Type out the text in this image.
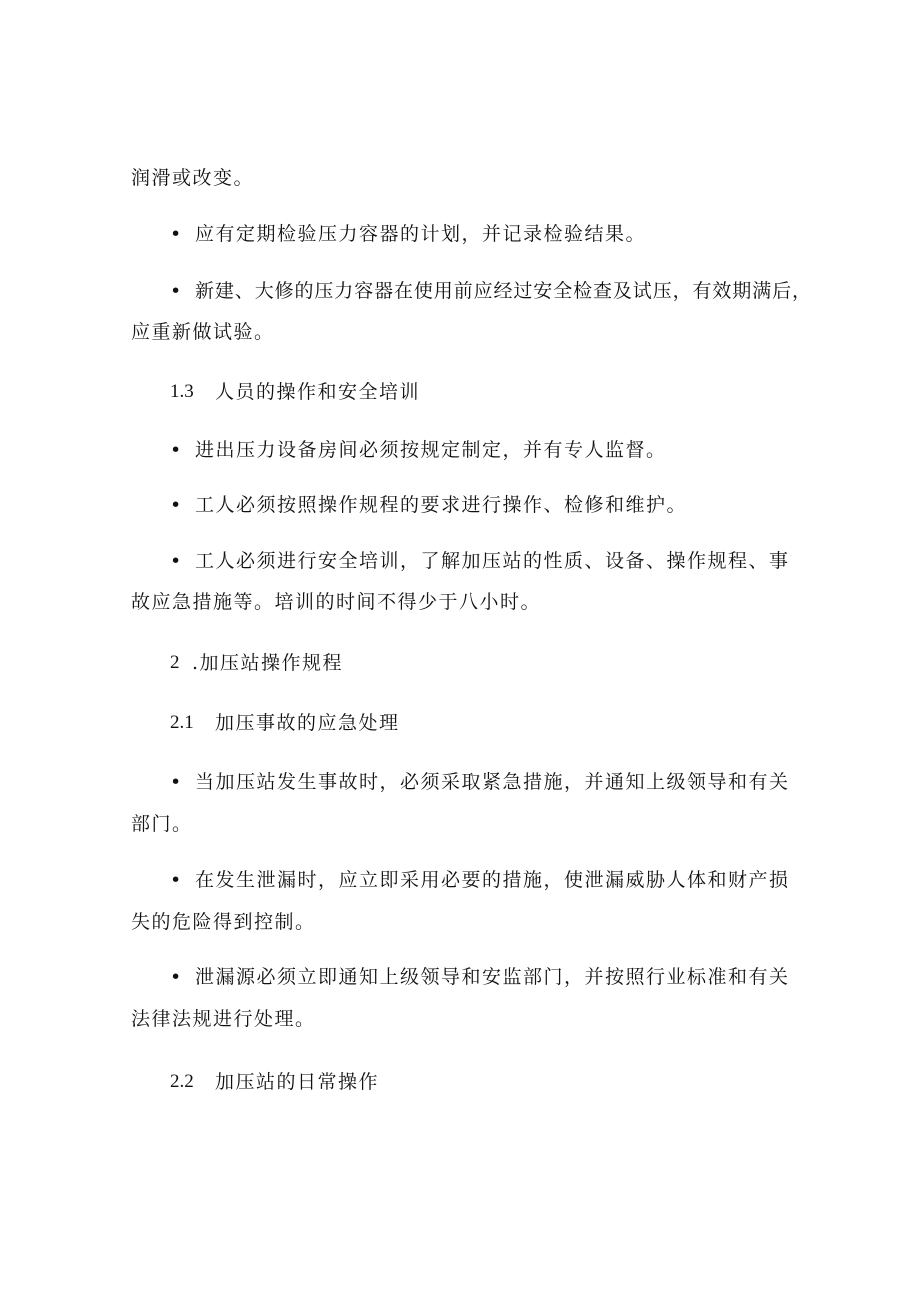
润滑或改变。
• 应有定期检验压力容器的计划，并记录检验结果。
• 新建、大修的压力容器在使用前应经过安全检查及试压，有效期满后，
应重新做试验。
1.3 人员的操作和安全培训
• 进出压力设备房间必须按规定制定，并有专人监督。
• 工人必须按照操作规程的要求进行操作、检修和维护。
• 工人必须进行安全培训，了解加压站的性质、设备、操作规程、事
故应急措施等。培训的时间不得少于八小时。
2 .加压站操作规程
2.1 加压事故的应急处理
• 当加压站发生事故时，必须采取紧急措施，并通知上级领导和有关
部门。
• 在发生泄漏时，应立即采用必要的措施，使泄漏威胁人体和财产损
失的危险得到控制。
• 泄漏源必须立即通知上级领导和安监部门，并按照行业标准和有关
法律法规进行处理。
2.2 加压站的日常操作
